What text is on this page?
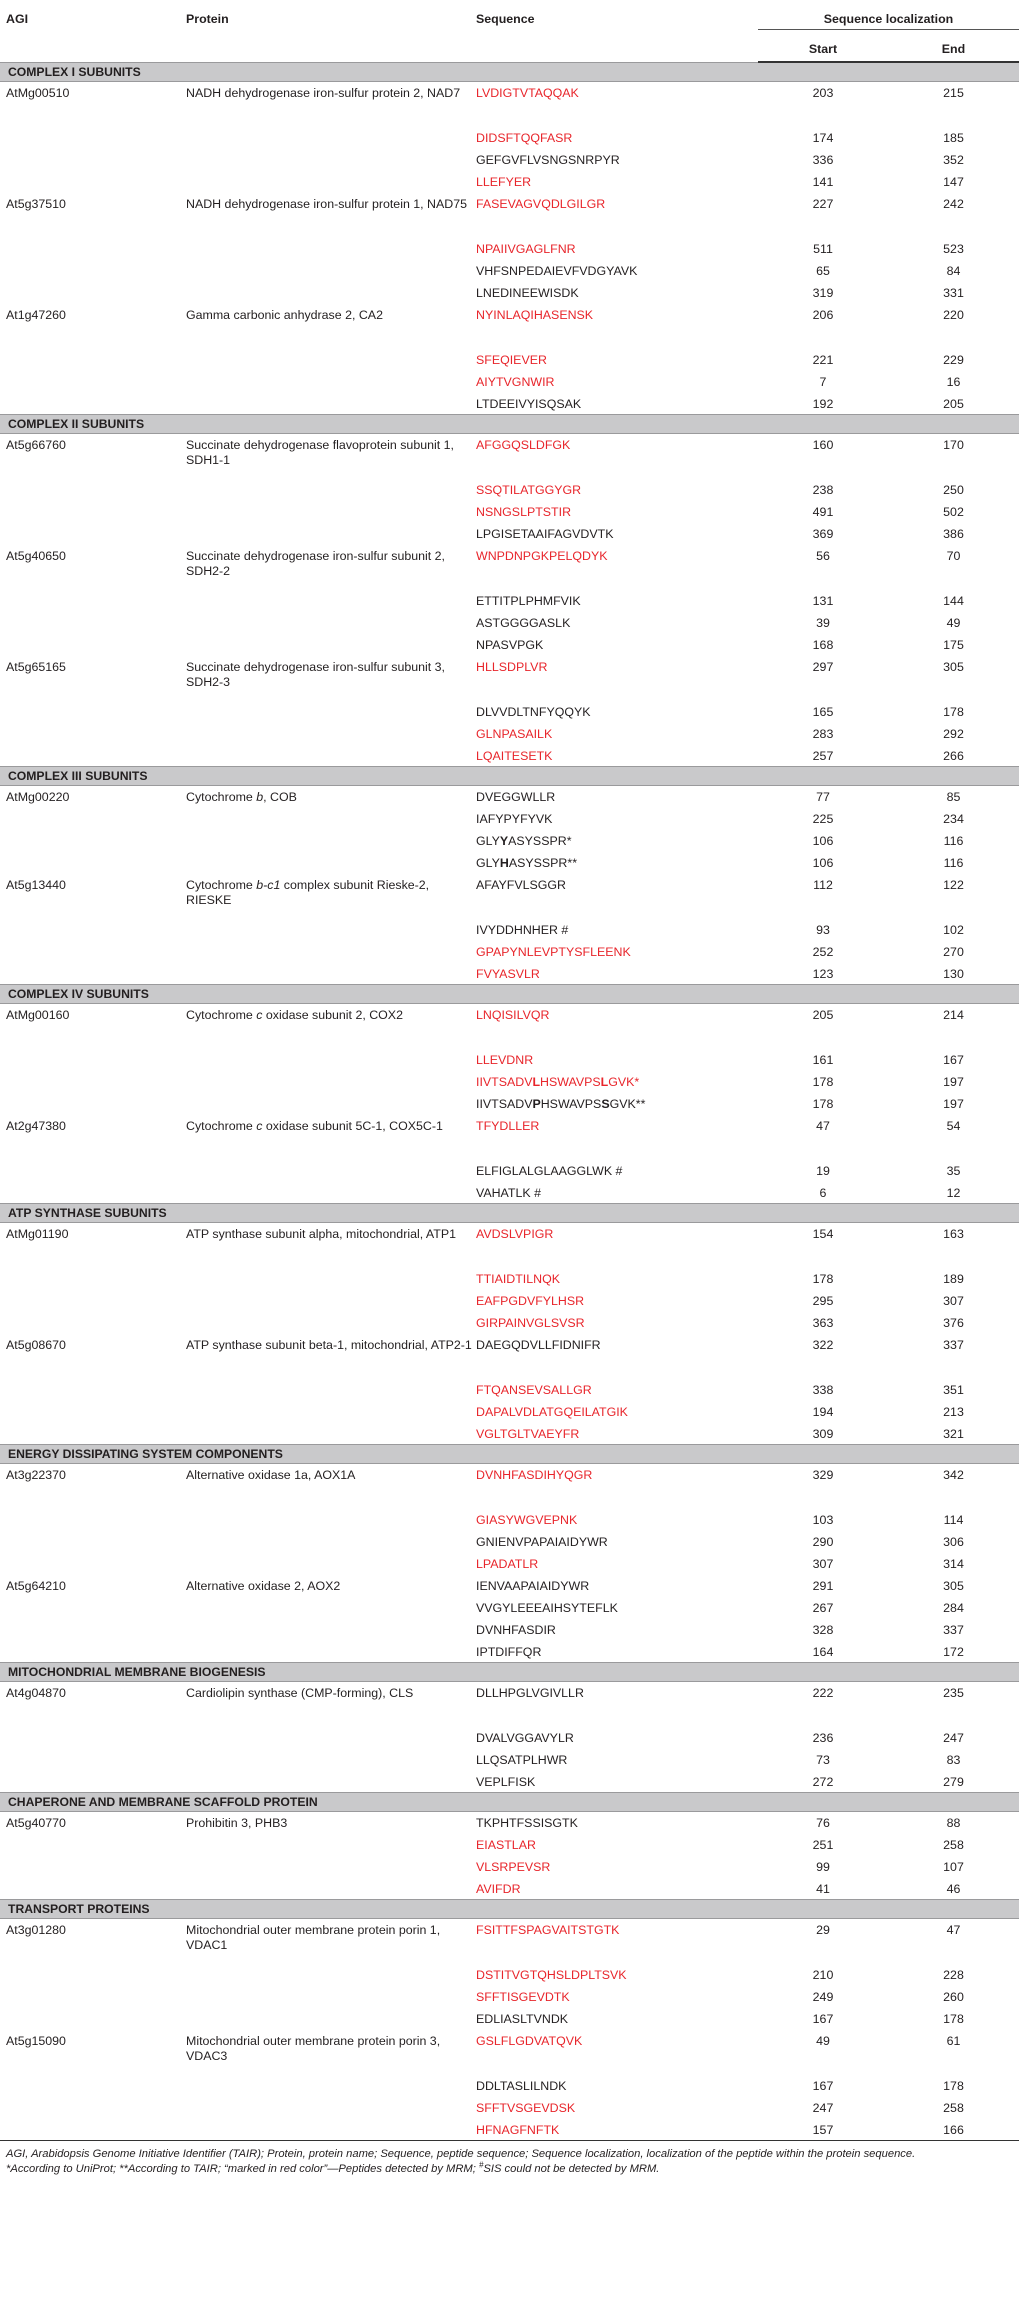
AGI	Protein	Sequence	Sequence localization	
			Start	End
COMPLEX I SUBUNITS				
AtMg00510	NADH dehydrogenase iron-sulfur protein 2, NAD7	LVDIGTVTAQQAK	203	215
		DIDSFTQQFASR	174	185
		GEFGVFLVSNGSNRPYR	336	352
		LLEFYER	141	147
At5g37510	NADH dehydrogenase iron-sulfur protein 1, NAD75	FASEVAGVQDLGILGR	227	242
		NPAIIVGAGLFNR	511	523
		VHFSNPEDAIEVFVDGYAVK	65	84
		LNEDINEEWISDK	319	331
At1g47260	Gamma carbonic anhydrase 2, CA2	NYINLAQIHASENSK	206	220
		SFEQIEVER	221	229
		AIYTVGNWIR	7	16
		LTDEEIVYISQSAK	192	205
COMPLEX II SUBUNITS				
At5g66760	Succinate dehydrogenase flavoprotein subunit 1, SDH1-1	AFGGQSLDFGK	160	170
		SSQTILATGGYGR	238	250
		NSNGSLPTSTIR	491	502
		LPGISETAAIFAGVDVTK	369	386
At5g40650	Succinate dehydrogenase iron-sulfur subunit 2, SDH2-2	WNPDNPGKPELQDYK	56	70
		ETTITPLPHMFVIK	131	144
		ASTGGGGASLK	39	49
		NPASVPGK	168	175
At5g65165	Succinate dehydrogenase iron-sulfur subunit 3, SDH2-3	HLLSDPLVR	297	305
		DLVVDLTNFYQQYK	165	178
		GLNPASAILK	283	292
		LQAITESETK	257	266
COMPLEX III SUBUNITS				
AtMg00220	Cytochrome b, COB	DVEGGWLLR	77	85
		IAFYPYFYVK	225	234
		GLYYASYSSPR*	106	116
		GLYHASYSSPR**	106	116
At5g13440	Cytochrome b-c1 complex subunit Rieske-2, RIESKE	AFAYFVLSGGR	112	122
		IVYDDHNHER #	93	102
		GPAPYNLEVPTYSFLEENK	252	270
		FVYASVLR	123	130
COMPLEX IV SUBUNITS				
AtMg00160	Cytochrome c oxidase subunit 2, COX2	LNQISILVQR	205	214
		LLEVDNR	161	167
		IIVTSADVLHSWAVPSLGVK*	178	197
		IIVTSADVPHSWAVPSSGVK**	178	197
At2g47380	Cytochrome c oxidase subunit 5C-1, COX5C-1	TFYDLLER	47	54
		ELFIGLALGLAAGGLWK #	19	35
		VAHATLK #	6	12
ATP SYNTHASE SUBUNITS				
AtMg01190	ATP synthase subunit alpha, mitochondrial, ATP1	AVDSLVPIGR	154	163
		TTIAIDTILNQK	178	189
		EAFPGDVFYLHSR	295	307
		GIRPAINVGLSVSR	363	376
At5g08670	ATP synthase subunit beta-1, mitochondrial, ATP2-1	DAEGQDVLLFIDNIFR	322	337
		FTQANSEVSALLGR	338	351
		DAPALVDLATGQEILATGIK	194	213
		VGLTGLTVAEYFR	309	321
ENERGY DISSIPATING SYSTEM COMPONENTS				
At3g22370	Alternative oxidase 1a, AOX1A	DVNHFASDIHYQGR	329	342
		GIASYWGVEPNK	103	114
		GNIENVPAPAIAIDYWR	290	306
		LPADATLR	307	314
At5g64210	Alternative oxidase 2, AOX2	IENVAAPAIAIDYWR	291	305
		VVGYLEEEAIHSYTEFLK	267	284
		DVNHFASDIR	328	337
		IPTDIFFQR	164	172
MITOCHONDRIAL MEMBRANE BIOGENESIS				
At4g04870	Cardiolipin synthase (CMP-forming), CLS	DLLHPGLVGIVLLR	222	235
		DVALVGGAVYLR	236	247
		LLQSATPLHWR	73	83
		VEPLFISK	272	279
CHAPERONE AND MEMBRANE SCAFFOLD PROTEIN				
At5g40770	Prohibitin 3, PHB3	TKPHTFSSISGTK	76	88
		EIASTLAR	251	258
		VLSRPEVSR	99	107
		AVIFDR	41	46
TRANSPORT PROTEINS				
At3g01280	Mitochondrial outer membrane protein porin 1, VDAC1	FSITTFSPAGVAITSTGTK	29	47
		DSTITVGTQHSLDPLTSVK	210	228
		SFFTISGEVDTK	249	260
		EDLIASLTVNDK	167	178
At5g15090	Mitochondrial outer membrane protein porin 3, VDAC3	GSLFLGDVATQVK	49	61
		DDLTASLILNDK	167	178
		SFFTVSGEVDSK	247	258
		HFNAGFNFTK	157	166
AGI, Arabidopsis Genome Initiative Identifier (TAIR); Protein, protein name; Sequence, peptide sequence; Sequence localization, localization of the peptide within the protein sequence.
*According to UniProt; **According to TAIR; “marked in red color”—Peptides detected by MRM; #SIS could not be detected by MRM.
